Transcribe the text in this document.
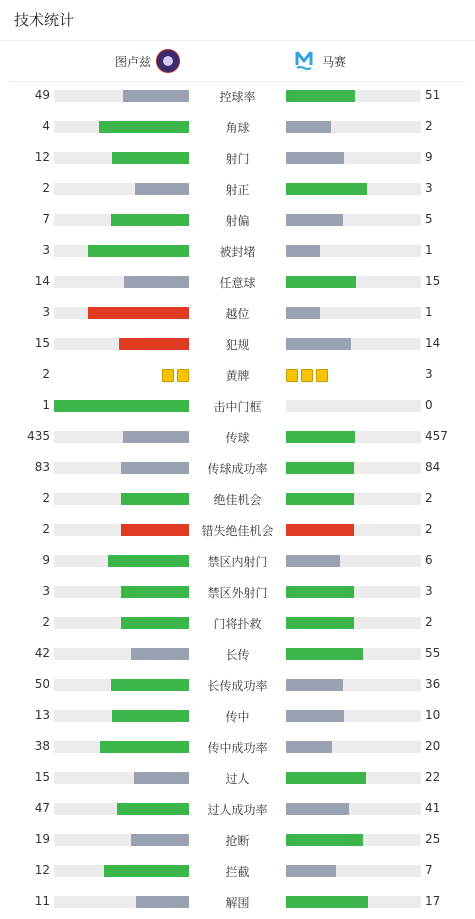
技术统计
图卢兹	马赛
49	控球率	51
4	角球	2
12	射门	9
2	射正	3
7	射偏	5
3	被封堵	1
14	任意球	15
3	越位	1
15	犯规	14
2	黄牌	3
1	击中门框	0
435	传球	457
83	传球成功率	84
2	绝佳机会	2
2	错失绝佳机会	2
9	禁区内射门	6
3	禁区外射门	3
2	门将扑救	2
42	长传	55
50	长传成功率	36
13	传中	10
38	传中成功率	20
15	过人	22
47	过人成功率	41
19	抢断	25
12	拦截	7
11	解围	17
